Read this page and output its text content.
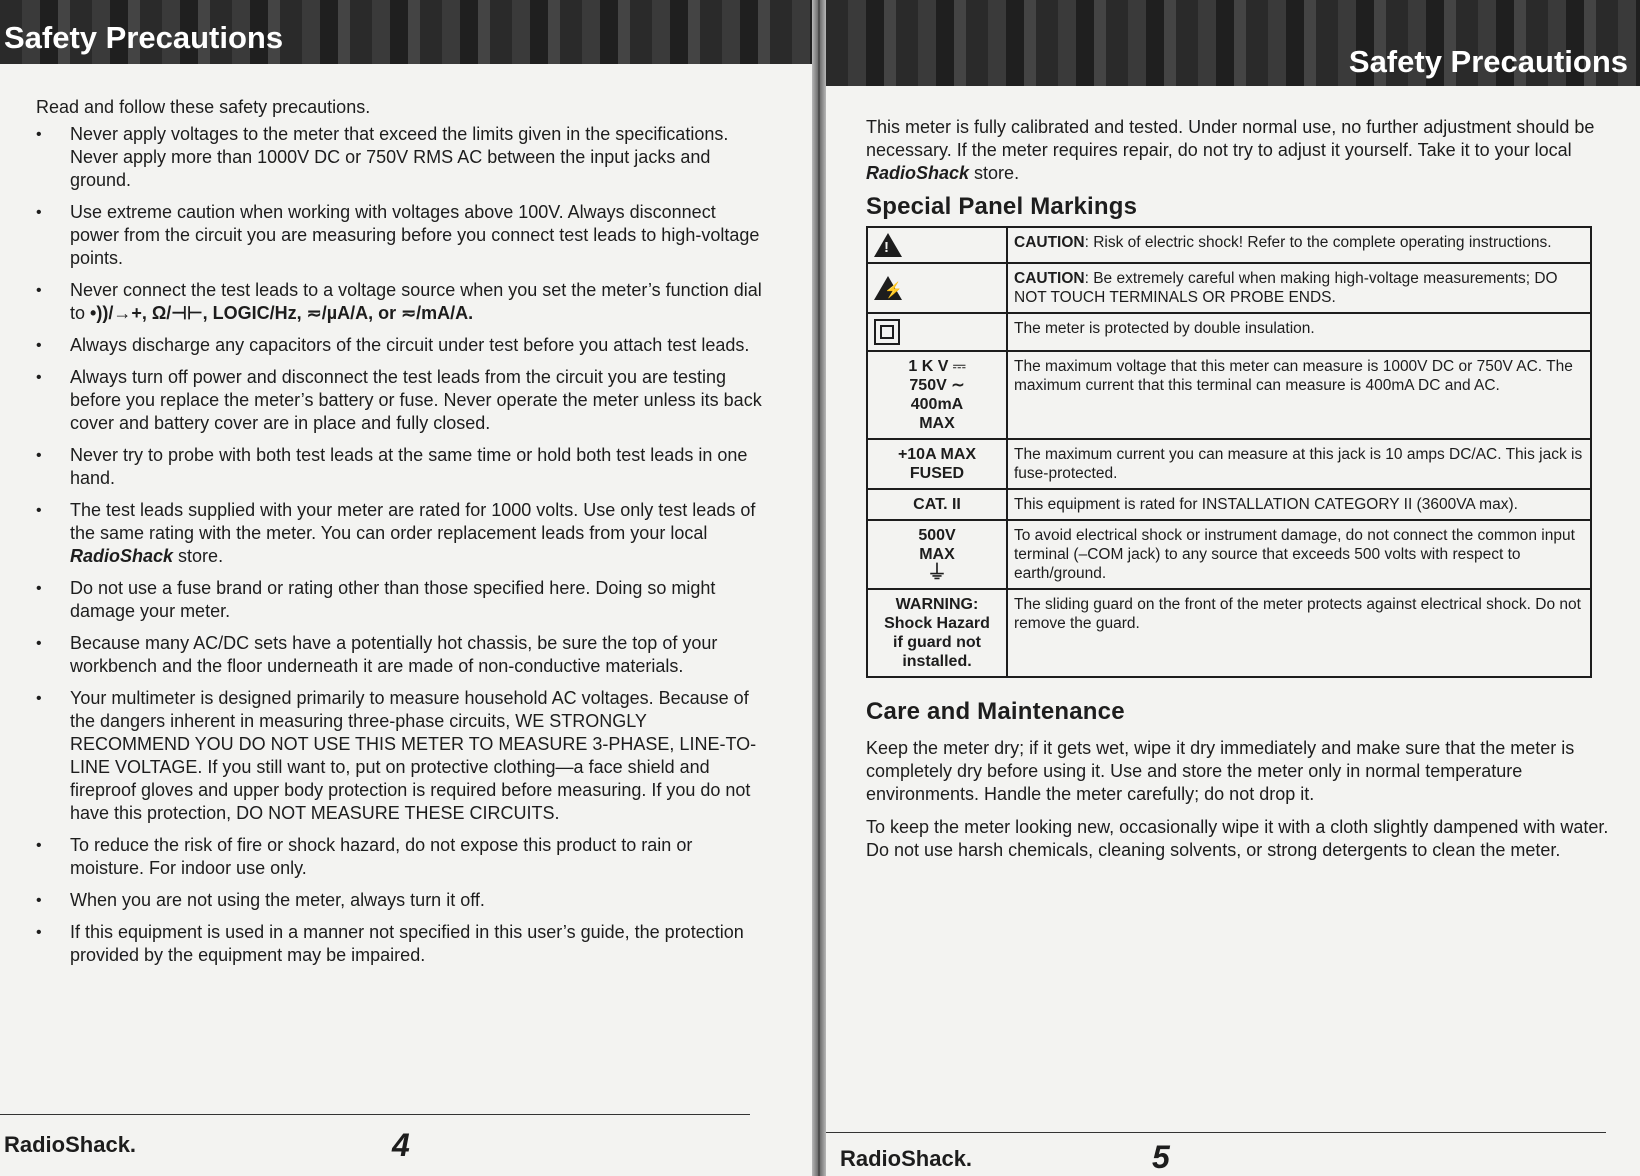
Safety Precautions

Read and follow these safety precautions.

• Never apply voltages to the meter that exceed the limits given in the specifications. Never apply more than 1000V DC or 750V RMS AC between the input jacks and ground.
• Use extreme caution when working with voltages above 100V. Always disconnect power from the circuit you are measuring before you connect test leads to high-voltage points.
• Never connect the test leads to a voltage source when you set the meter’s function dial to •))/→+, Ω/⊣⊢, LOGIC/Hz, ≂/µA/A, or ≂/mA/A.
• Always discharge any capacitors of the circuit under test before you attach test leads.
• Always turn off power and disconnect the test leads from the circuit you are testing before you replace the meter’s battery or fuse. Never operate the meter unless its back cover and battery cover are in place and fully closed.
• Never try to probe with both test leads at the same time or hold both test leads in one hand.
• The test leads supplied with your meter are rated for 1000 volts. Use only test leads of the same rating with the meter. You can order replacement leads from your local RadioShack store.
• Do not use a fuse brand or rating other than those specified here. Doing so might damage your meter.
• Because many AC/DC sets have a potentially hot chassis, be sure the top of your workbench and the floor underneath it are made of non-conductive materials.
• Your multimeter is designed primarily to measure household AC voltages. Because of the dangers inherent in measuring three-phase circuits, WE STRONGLY RECOMMEND YOU DO NOT USE THIS METER TO MEASURE 3-PHASE, LINE-TO-LINE VOLTAGE. If you still want to, put on protective clothing—a face shield and fireproof gloves and upper body protection is required before measuring. If you do not have this protection, DO NOT MEASURE THESE CIRCUITS.
• To reduce the risk of fire or shock hazard, do not expose this product to rain or moisture. For indoor use only.
• When you are not using the meter, always turn it off.
• If this equipment is used in a manner not specified in this user’s guide, the protection provided by the equipment may be impaired.
RadioShack.	4
Safety Precautions

This meter is fully calibrated and tested. Under normal use, no further adjustment should be necessary. If the meter requires repair, do not try to adjust it yourself. Take it to your local RadioShack store.

Special Panel Markings
!	CAUTION: Risk of electric shock! Refer to the complete operating instructions.

⚡	CAUTION: Be extremely careful when making high-voltage measurements; DO NOT TOUCH TERMINALS OR PROBE ENDS.

	The meter is protected by double insulation.

1 K V ⎓
750V ∼
400mA
MAX	The maximum voltage that this meter can measure is 1000V DC or 750V AC. The maximum current that this terminal can measure is 400mA DC and AC.

+10A MAX
FUSED	The maximum current you can measure at this jack is 10 amps DC/AC. This jack is fuse-protected.

CAT. II	This equipment is rated for INSTALLATION CATEGORY II (3600VA max).

500V
MAX
⏚	To avoid electrical shock or instrument damage, do not connect the common input terminal (–COM jack) to any source that exceeds 500 volts with respect to earth/ground.

WARNING:
Shock Hazard
if guard not
installed.	The sliding guard on the front of the meter protects against electrical shock. Do not remove the guard.
Care and Maintenance

Keep the meter dry; if it gets wet, wipe it dry immediately and make sure that the meter is completely dry before using it. Use and store the meter only in normal temperature environments. Handle the meter carefully; do not drop it.

To keep the meter looking new, occasionally wipe it with a cloth slightly dampened with water. Do not use harsh chemicals, cleaning solvents, or strong detergents to clean the meter.

RadioShack.	5
